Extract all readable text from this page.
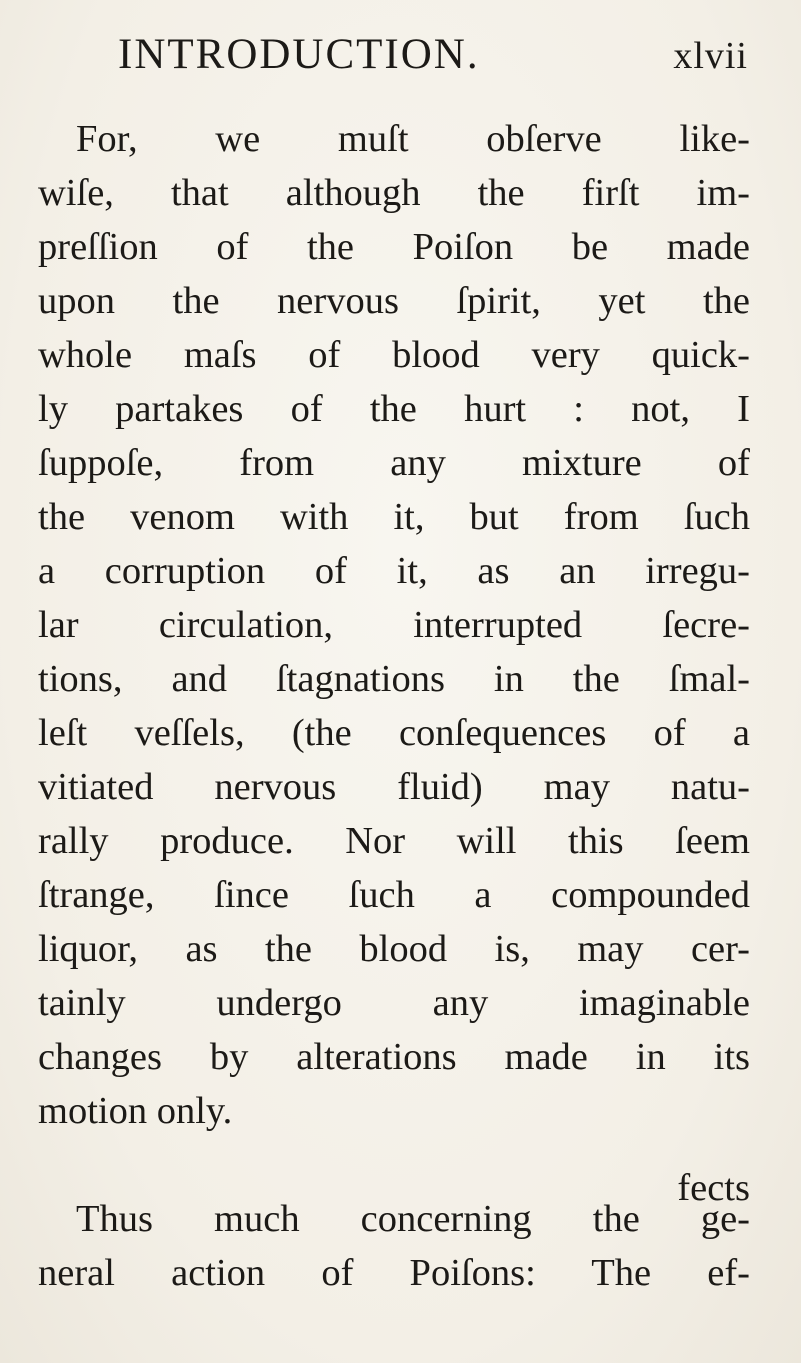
INTRODUCTION.	xlvii
For, we muſt obſerve like-
wiſe, that although the firſt im-
preſſion of the Poiſon be made
upon the nervous ſpirit, yet the
whole maſs of blood very quick-
ly partakes of the hurt : not, I
ſuppoſe, from any mixture of
the venom with it, but from ſuch
a corruption of it, as an irregu-
lar circulation, interrupted ſecre-
tions, and ſtagnations in the ſmal-
leſt veſſels, (the conſequences of a
vitiated nervous fluid) may natu-
rally produce. Nor will this ſeem
ſtrange, ſince ſuch a compounded
liquor, as the blood is, may cer-
tainly undergo any imaginable
changes by alterations made in its
motion only.
Thus much concerning the ge-
neral action of Poiſons: The ef-
fects
